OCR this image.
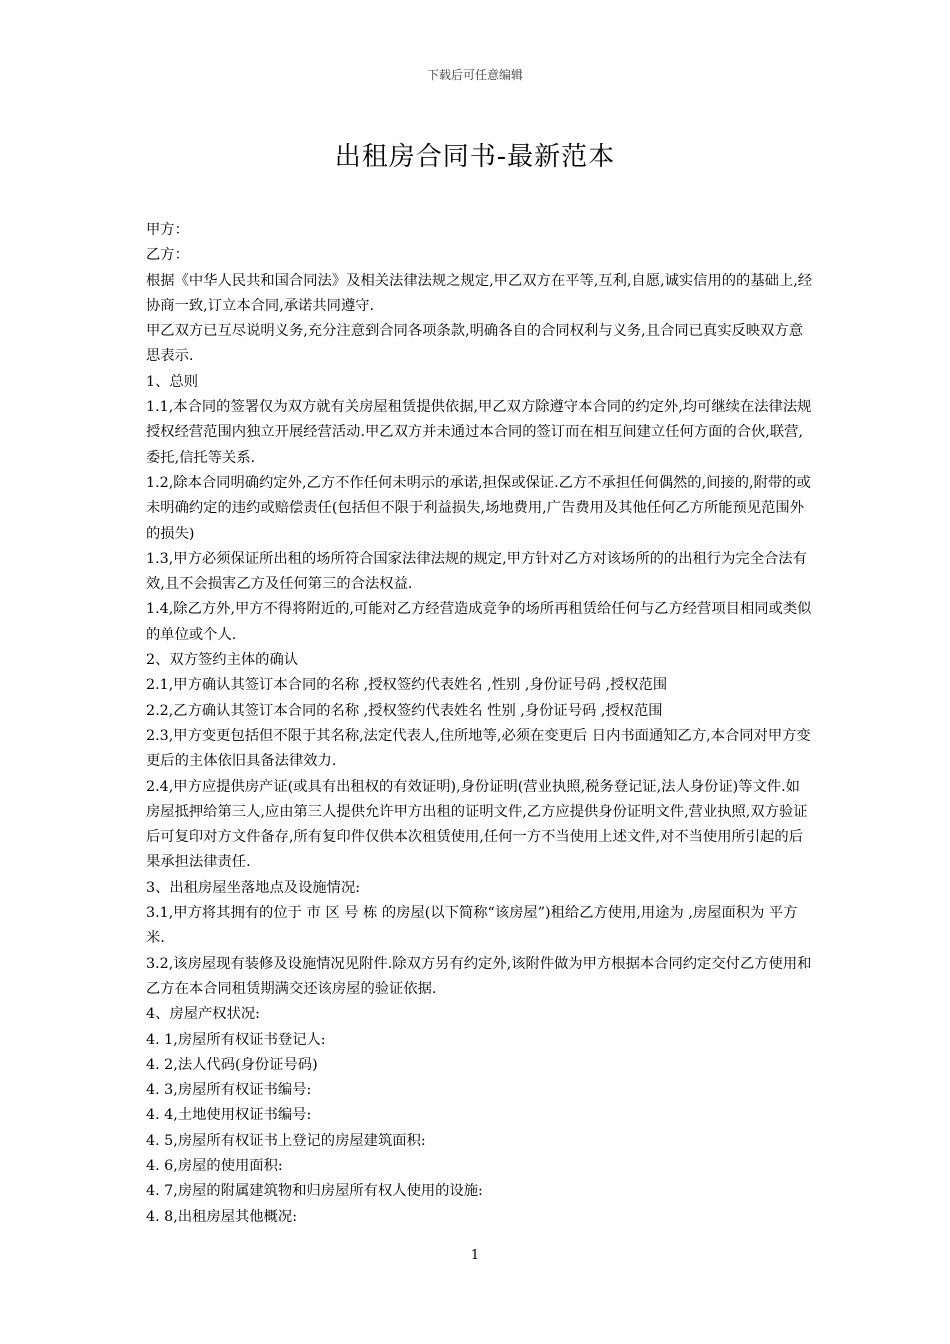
下载后可任意编辑
出租房合同书-最新范本

甲方：

乙方：

根据《中华人民共和国合同法》及相关法律法规之规定,甲乙双方在平等,互利,自愿,诚实信用的的基础上,经协商一致,订立本合同,承诺共同遵守.

甲乙双方已互尽说明义务,充分注意到合同各项条款,明确各自的合同权利与义务,且合同已真实反映双方意思表示.

1、总则

1.1,本合同的签署仅为双方就有关房屋租赁提供依据,甲乙双方除遵守本合同的约定外,均可继续在法律法规授权经营范围内独立开展经营活动.甲乙双方并未通过本合同的签订而在相互间建立任何方面的合伙,联营,委托,信托等关系.

1.2,除本合同明确约定外,乙方不作任何未明示的承诺,担保或保证.乙方不承担任何偶然的,间接的,附带的或未明确约定的违约或赔偿责任(包括但不限于利益损失,场地费用,广告费用及其他任何乙方所能预见范围外的损失)

1.3,甲方必须保证所出租的场所符合国家法律法规的规定,甲方针对乙方对该场所的的出租行为完全合法有效,且不会损害乙方及任何第三的合法权益.

1.4,除乙方外,甲方不得将附近的,可能对乙方经营造成竞争的场所再租赁给任何与乙方经营项目相同或类似的单位或个人.

2、双方签约主体的确认

2.1,甲方确认其签订本合同的名称 ,授权签约代表姓名 ,性别 ,身份证号码 ,授权范围

2.2,乙方确认其签订本合同的名称 ,授权签约代表姓名 性别 ,身份证号码 ,授权范围

2.3,甲方变更包括但不限于其名称,法定代表人,住所地等,必须在变更后 日内书面通知乙方,本合同对甲方变更后的主体依旧具备法律效力.

2.4,甲方应提供房产证(或具有出租权的有效证明),身份证明(营业执照,税务登记证,法人身份证)等文件.如房屋抵押给第三人,应由第三人提供允许甲方出租的证明文件,乙方应提供身份证明文件,营业执照,双方验证后可复印对方文件备存,所有复印件仅供本次租赁使用,任何一方不当使用上述文件,对不当使用所引起的后果承担法律责任.

3、出租房屋坐落地点及设施情况:

3.1,甲方将其拥有的位于 市 区 号 栋 的房屋(以下简称“该房屋”)租给乙方使用,用途为 ,房屋面积为 平方米.

3.2,该房屋现有装修及设施情况见附件.除双方另有约定外,该附件做为甲方根据本合同约定交付乙方使用和乙方在本合同租赁期满交还该房屋的验证依据.

4、房屋产权状况:

4. 1,房屋所有权证书登记人:

4. 2,法人代码(身份证号码)

4. 3,房屋所有权证书编号:

4. 4,土地使用权证书编号:

4. 5,房屋所有权证书上登记的房屋建筑面积:

4. 6,房屋的使用面积:

4. 7,房屋的附属建筑物和归房屋所有权人使用的设施:

4. 8,出租房屋其他概况:

1
